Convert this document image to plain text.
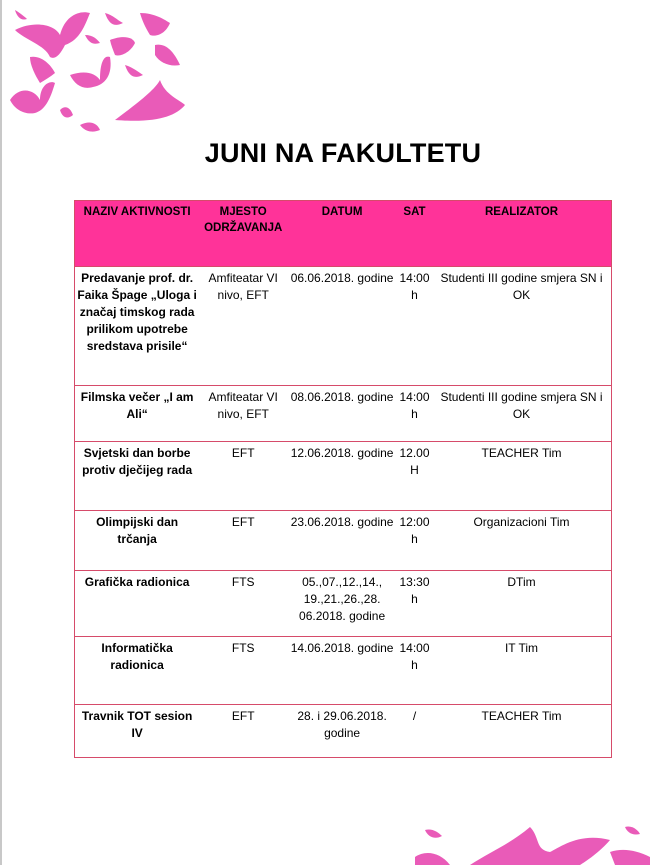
JUNI NA FAKULTETU
NAZIV AKTIVNOSTI	MJESTO ODRŽAVANJA	DATUM	SAT	REALIZATOR
Predavanje prof. dr. Faika Špage „Uloga i značaj timskog rada prilikom upotrebe sredstava prisile“	Amfiteatar VI nivo, EFT	06.06.2018. godine	14:00 h	Studenti III godine smjera SN i OK
Filmska večer „I am Ali“	Amfiteatar VI nivo, EFT	08.06.2018. godine	14:00 h	Studenti III godine smjera SN i OK
Svjetski dan borbe protiv dječijeg rada	EFT	12.06.2018. godine	12.00 H	TEACHER Tim
Olimpijski dan trčanja	EFT	23.06.2018. godine	12:00 h	Organizacioni Tim
Grafička radionica	FTS	05.,07.,12.,14., 19.,21.,26.,28. 06.2018. godine	13:30 h	DTim
Informatička radionica	FTS	14.06.2018. godine	14:00 h	IT Tim
Travnik TOT sesion IV	EFT	28. i 29.06.2018. godine	/	TEACHER Tim
